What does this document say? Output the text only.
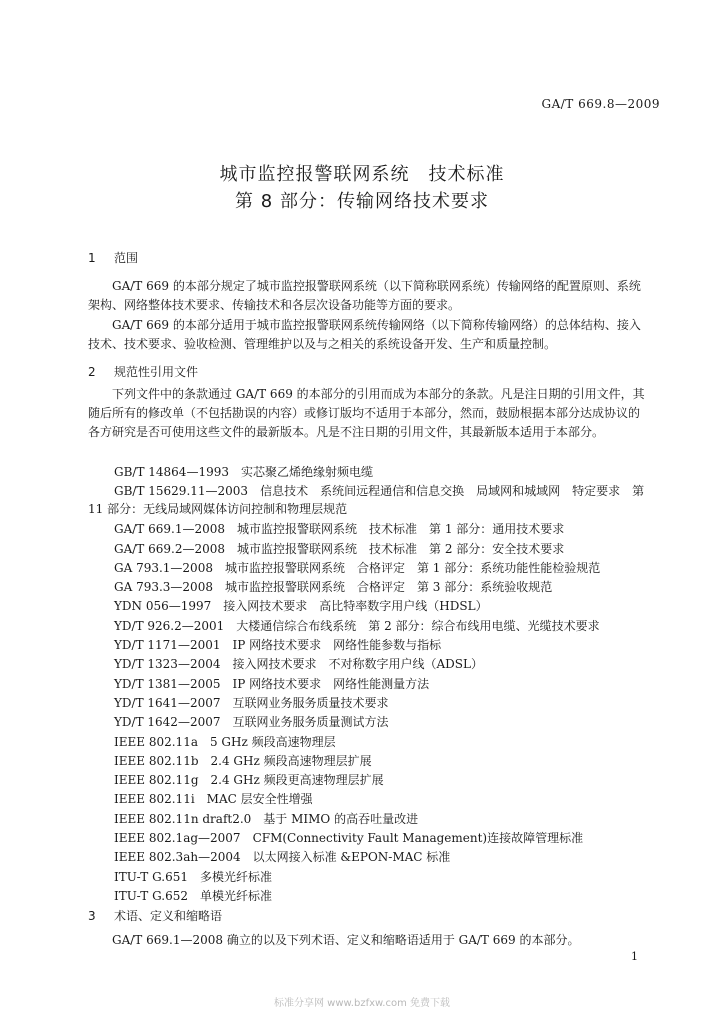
GA/T 669.8—2009
城市监控报警联网系统　技术标准
第 8 部分：传输网络技术要求
1 范围
GA/T 669 的本部分规定了城市监控报警联网系统（以下简称联网系统）传输网络的配置原则、系统架构、网络整体技术要求、传输技术和各层次设备功能等方面的要求。
GA/T 669 的本部分适用于城市监控报警联网系统传输网络（以下简称传输网络）的总体结构、接入技术、技术要求、验收检测、管理维护以及与之相关的系统设备开发、生产和质量控制。
2 规范性引用文件
下列文件中的条款通过 GA/T 669 的本部分的引用而成为本部分的条款。凡是注日期的引用文件，其随后所有的修改单（不包括勘误的内容）或修订版均不适用于本部分，然而，鼓励根据本部分达成协议的各方研究是否可使用这些文件的最新版本。凡是不注日期的引用文件，其最新版本适用于本部分。
GB/T 14864—1993　实芯聚乙烯绝缘射频电缆
GB/T 15629.11—2003　信息技术　系统间远程通信和信息交换　局域网和城域网　特定要求　第 11 部分：无线局域网媒体访问控制和物理层规范
GA/T 669.1—2008　城市监控报警联网系统　技术标准　第 1 部分：通用技术要求
GA/T 669.2—2008　城市监控报警联网系统　技术标准　第 2 部分：安全技术要求
GA 793.1—2008　城市监控报警联网系统　合格评定　第 1 部分：系统功能性能检验规范
GA 793.3—2008　城市监控报警联网系统　合格评定　第 3 部分：系统验收规范
YDN 056—1997　接入网技术要求　高比特率数字用户线（HDSL）
YD/T 926.2—2001　大楼通信综合布线系统　第 2 部分：综合布线用电缆、光缆技术要求
YD/T 1171—2001　IP 网络技术要求　网络性能参数与指标
YD/T 1323—2004　接入网技术要求　不对称数字用户线（ADSL）
YD/T 1381—2005　IP 网络技术要求　网络性能测量方法
YD/T 1641—2007　互联网业务服务质量技术要求
YD/T 1642—2007　互联网业务服务质量测试方法
IEEE 802.11a　5 GHz 频段高速物理层
IEEE 802.11b　2.4 GHz 频段高速物理层扩展
IEEE 802.11g　2.4 GHz 频段更高速物理层扩展
IEEE 802.11i　MAC 层安全性增强
IEEE 802.11n draft2.0　基于 MIMO 的高吞吐量改进
IEEE 802.1ag—2007　CFM(Connectivity Fault Management)连接故障管理标准
IEEE 802.3ah—2004　以太网接入标准 &EPON-MAC 标准
ITU-T G.651　多模光纤标准
ITU-T G.652　单模光纤标准
3 术语、定义和缩略语
GA/T 669.1—2008 确立的以及下列术语、定义和缩略语适用于 GA/T 669 的本部分。
1
标准分享网 www.bzfxw.com 免费下载
